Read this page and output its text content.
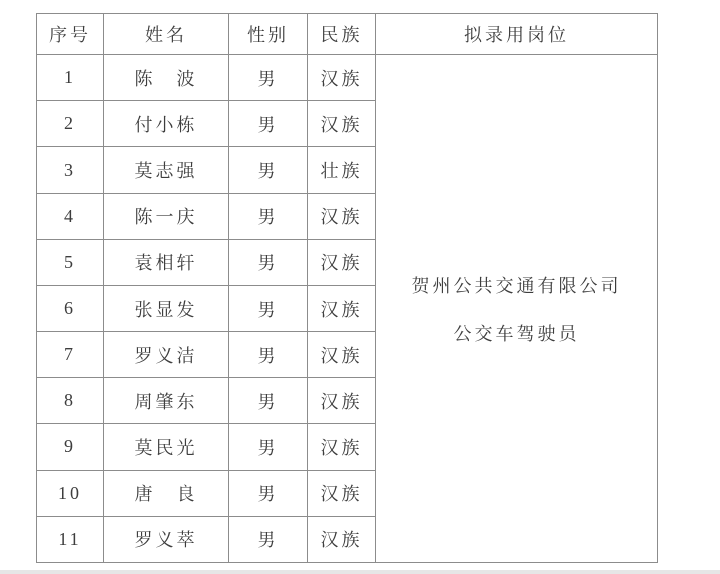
序号	姓名	性别	民族	拟录用岗位
1	陈　波	男	汉族	贺州公共交通有限公司
公交车驾驶员

2	付小栋	男	汉族	
3	莫志强	男	壮族	
4	陈一庆	男	汉族	
5	袁相轩	男	汉族	
6	张显发	男	汉族	
7	罗义洁	男	汉族	
8	周肇东	男	汉族	
9	莫民光	男	汉族	
10	唐　良	男	汉族	
11	罗义萃	男	汉族	
